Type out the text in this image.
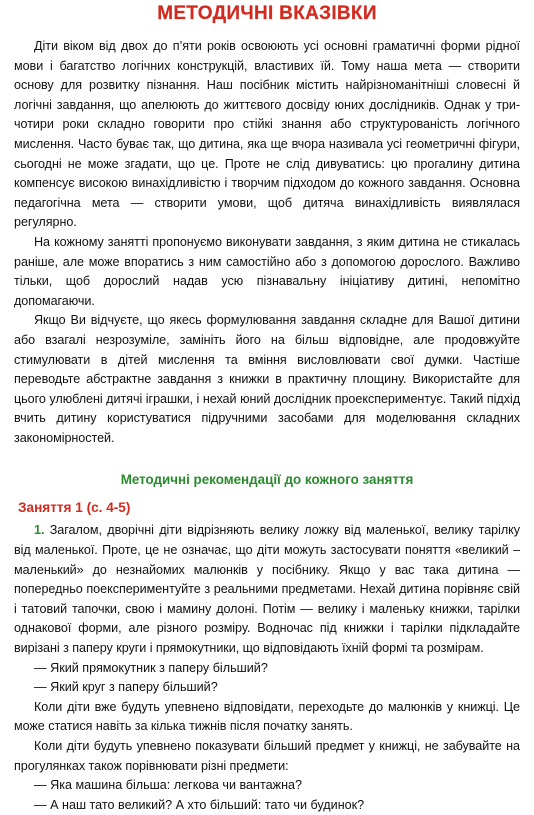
МЕТОДИЧНІ ВКАЗІВКИ

Діти віком від двох до п’яти років освоюють усі основні граматичні форми рідної мови і багатство логічних конструкцій, властивих їй. Тому наша мета — створити основу для розвитку пізнання. Наш посібник містить найрізноманітніші словесні й логічні завдання, що апелюють до життєвого досвіду юних дослідників. Однак у три-чотири роки складно говорити про стійкі знання або структурованість логічного мислення. Часто буває так, що дитина, яка ще вчора називала усі геометричні фігури, сьогодні не може згадати, що це. Проте не слід дивуватись: цю прогалину дитина компенсує високою винахідливістю і творчим підходом до кожного завдання. Основна педагогічна мета — створити умови, щоб дитяча винахідливість виявлялася регулярно.

На кожному занятті пропонуємо виконувати завдання, з яким дитина не стикалась раніше, але може впоратись з ним самостійно або з допомогою дорослого. Важливо тільки, щоб дорослий надав усю пізнавальну ініціативу дитині, непомітно допомагаючи.

Якщо Ви відчуєте, що якесь формулювання завдання складне для Вашої дитини або взагалі незрозуміле, замініть його на більш відповідне, але продовжуйте стимулювати в дітей мислення та вміння висловлювати свої думки. Частіше переводьте абстрактне завдання з книжки в практичну площину. Використайте для цього улюблені дитячі іграшки, і нехай юний дослідник проекспериментує. Такий підхід вчить дитину користуватися підручними засобами для моделювання складних закономірностей.

Методичні рекомендації до кожного заняття
Заняття 1 (с. 4-5)

1. Загалом, дворічні діти відрізняють велику ложку від маленької, велику тарілку від маленької. Проте, це не означає, що діти можуть застосувати поняття «великий – маленький» до незнайомих малюнків у посібнику. Якщо у вас така дитина — попередньо поекспериментуйте з реальними предметами. Нехай дитина порівняє свій і татовий тапочки, свою і мамину долоні. Потім — велику і маленьку книжки, тарілки однакової форми, але різного розміру. Водночас під книжки і тарілки підкладайте вирізані з паперу круги і прямокутники, що відповідають їхній формі та розмірам.

— Який прямокутник з паперу більший?

— Який круг з паперу більший?

Коли діти вже будуть упевнено відповідати, переходьте до малюнків у книжці. Це може статися навіть за кілька тижнів після початку занять.

Коли діти будуть упевнено показувати більший предмет у книжці, не забувайте на прогулянках також порівнювати різні предмети:

— Яка машина більша: легкова чи вантажна?

— А наш тато великий? А хто більший: тато чи будинок?
